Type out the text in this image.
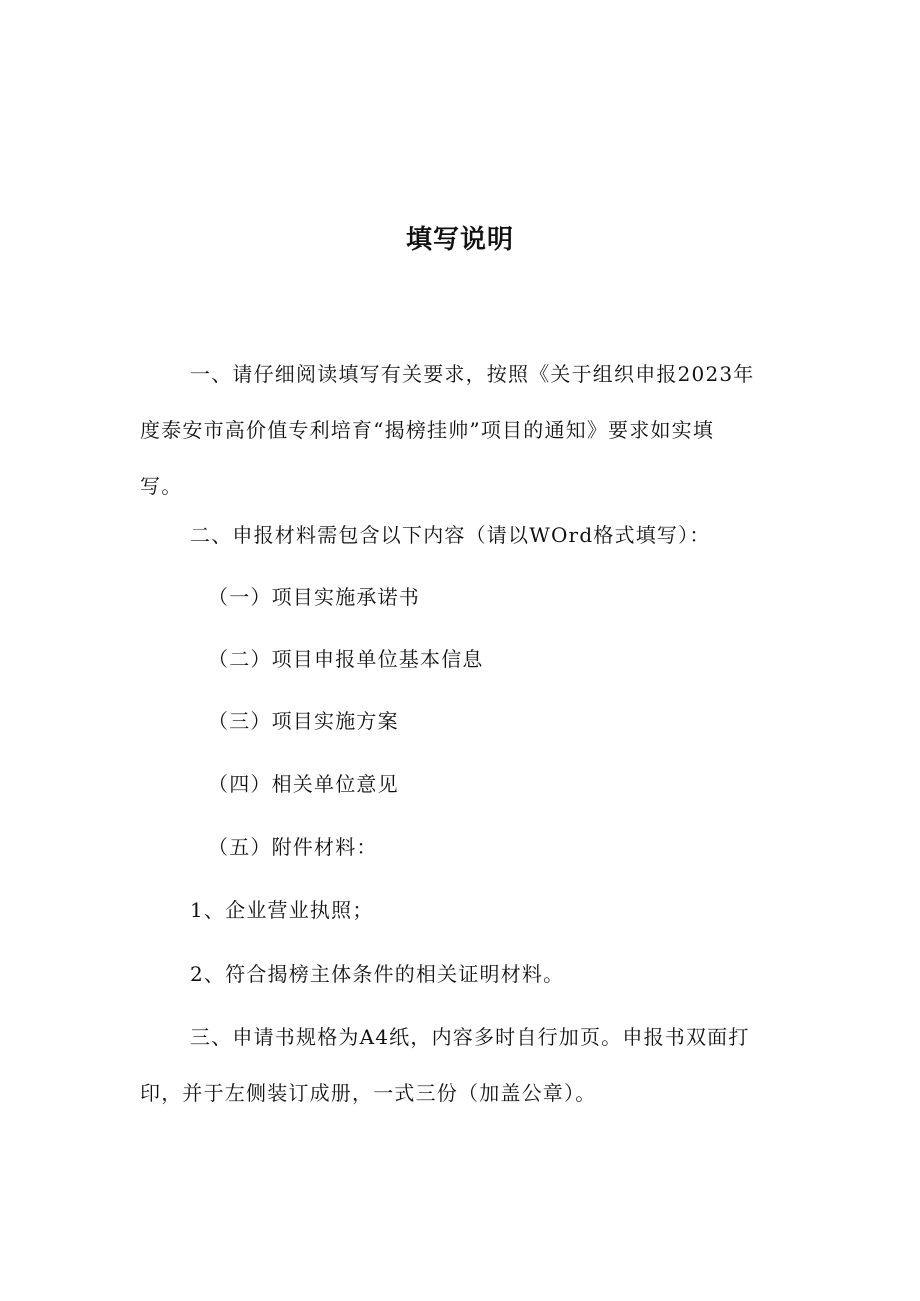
填写说明
一、请仔细阅读填写有关要求，按照《关于组织申报2023年
度泰安市高价值专利培育“揭榜挂帅”项目的通知》要求如实填
写。
二、申报材料需包含以下内容（请以WOrd格式填写）：
（一）项目实施承诺书
（二）项目申报单位基本信息
（三）项目实施方案
（四）相关单位意见
（五）附件材料：
1、企业营业执照；
2、符合揭榜主体条件的相关证明材料。
三、申请书规格为A4纸，内容多时自行加页。申报书双面打
印，并于左侧装订成册，一式三份（加盖公章）。
